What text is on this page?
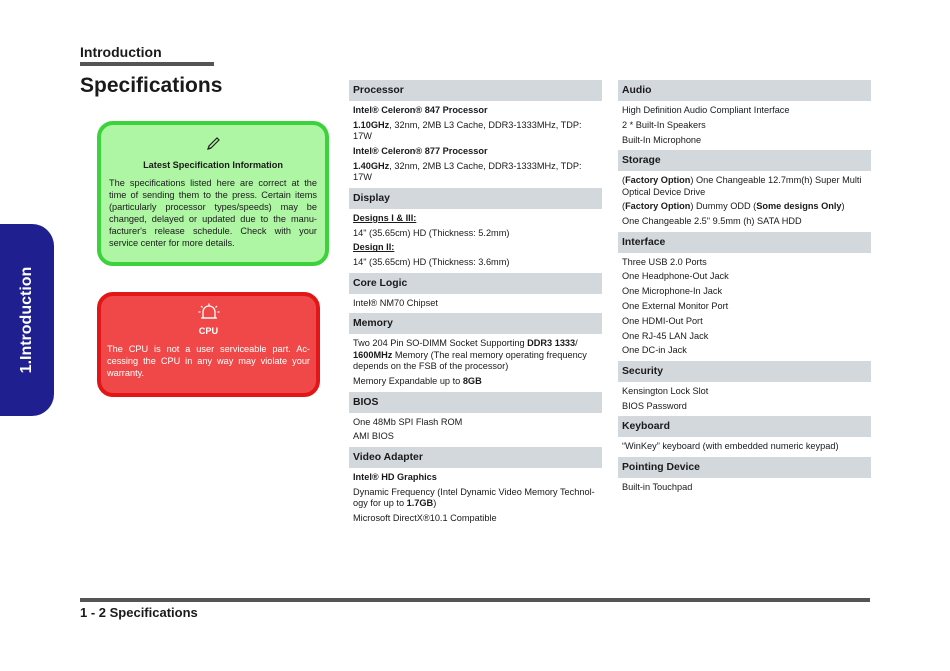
Introduction
Specifications
1.Introduction

Latest Specification Information

The specifications listed here are correct at the time of sending them to the press. Certain items (particularly processor types/speeds) may be changed, delayed or updated due to the manu-facturer's release schedule. Check with your service center for more details.

CPU

The CPU is not a user serviceable part. Ac-cessing the CPU in any way may violate your warranty.

Processor
Intel® Celeron® 847 Processor
1.10GHz, 32nm, 2MB L3 Cache, DDR3-1333MHz, TDP: 17W
Intel® Celeron® 877 Processor
1.40GHz, 32nm, 2MB L3 Cache, DDR3-1333MHz, TDP: 17W
Display
Designs I & III:
14" (35.65cm) HD (Thickness: 5.2mm)
Design II:
14" (35.65cm) HD (Thickness: 3.6mm)
Core Logic
Intel® NM70 Chipset
Memory
Two 204 Pin SO-DIMM Socket Supporting DDR3 1333/ 1600MHz Memory (The real memory operating frequency depends on the FSB of the processor)
Memory Expandable up to 8GB
BIOS
One 48Mb SPI Flash ROM
AMI BIOS
Video Adapter
Intel® HD Graphics
Dynamic Frequency (Intel Dynamic Video Memory Technol-ogy for up to 1.7GB)
Microsoft DirectX®10.1 Compatible
Audio
High Definition Audio Compliant Interface
2 * Built-In Speakers
Built-In Microphone
Storage
(Factory Option) One Changeable 12.7mm(h) Super Multi Optical Device Drive
(Factory Option) Dummy ODD (Some designs Only)
One Changeable 2.5" 9.5mm (h) SATA HDD
Interface
Three USB 2.0 Ports
One Headphone-Out Jack
One Microphone-In Jack
One External Monitor Port
One HDMI-Out Port
One RJ-45 LAN Jack
One DC-in Jack
Security
Kensington Lock Slot
BIOS Password
Keyboard
“WinKey” keyboard (with embedded numeric keypad)
Pointing Device
Built-in Touchpad
1 - 2 Specifications
